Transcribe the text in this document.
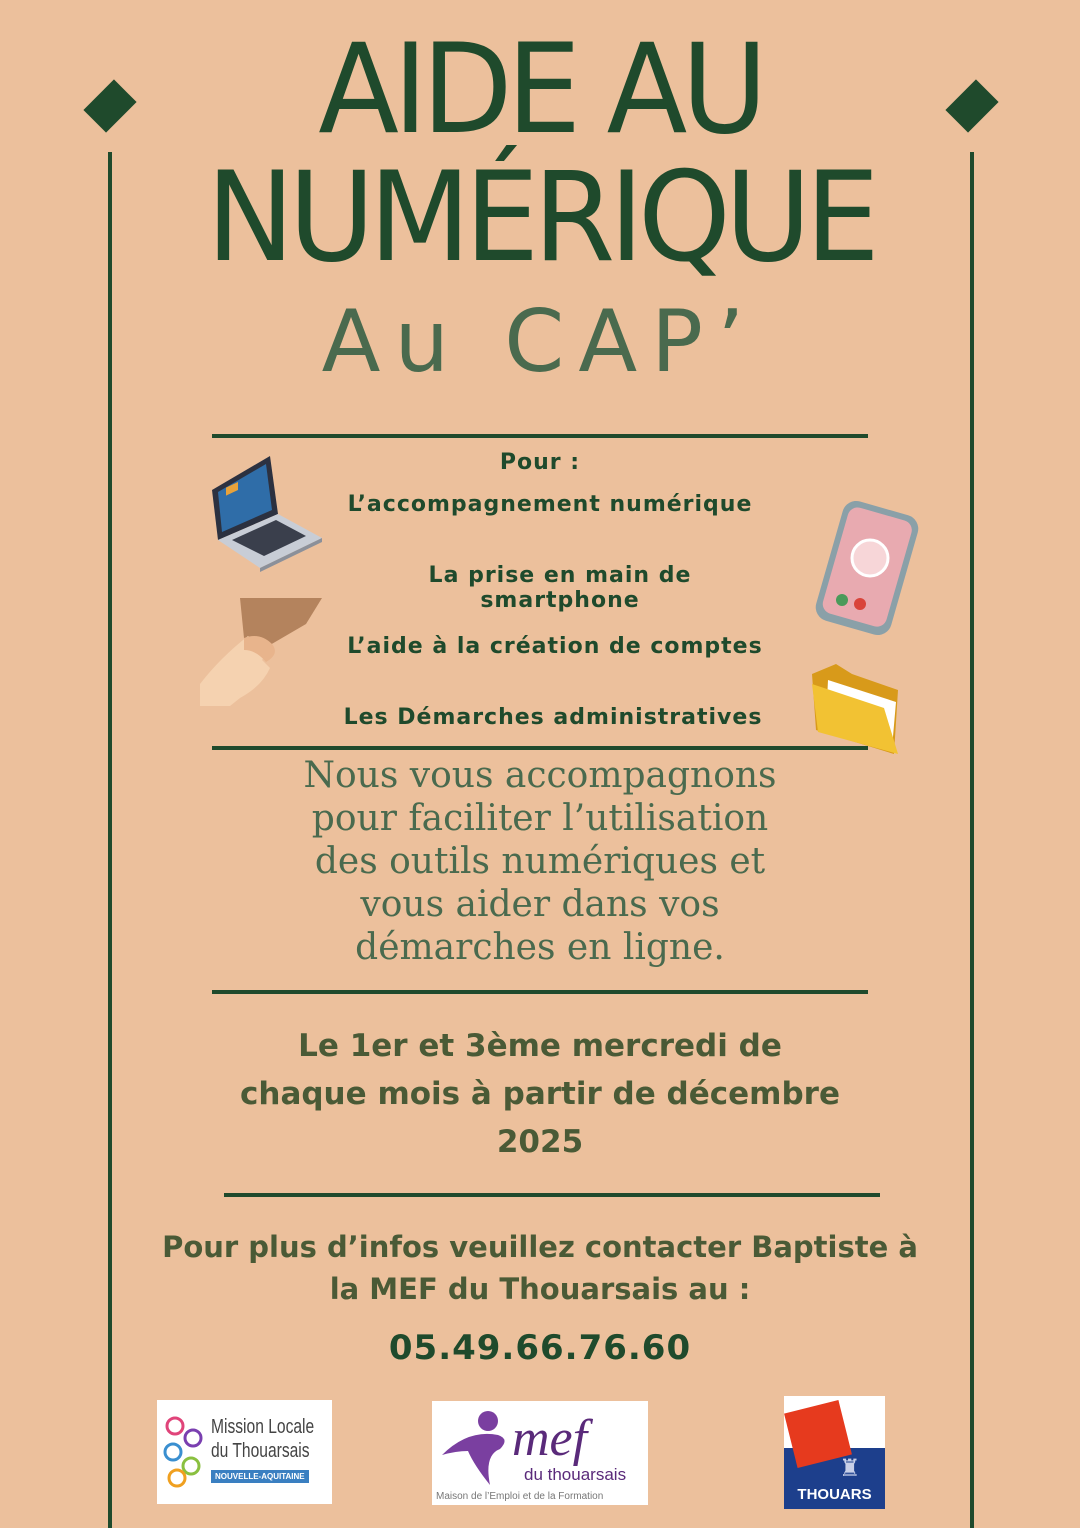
AIDE AU
NUMÉRIQUE
Au CAP’
Pour :
L’accompagnement numérique
La prise en main de smartphone
L’aide à la création de comptes
Les Démarches administratives
Nous vous accompagnons
pour faciliter l’utilisation
des outils numériques et
vous aider dans vos
démarches en ligne.
Le 1er et 3ème mercredi de
chaque mois à partir de décembre
2025
Pour plus d’infos veuillez contacter Baptiste à
la MEF du Thouarsais au :
05.49.66.76.60
Mission Locale
du Thouarsais
NOUVELLE-AQUITAINE
mef
du thouarsais
Maison de l’Emploi et de la Formation
♜
THOUARS
